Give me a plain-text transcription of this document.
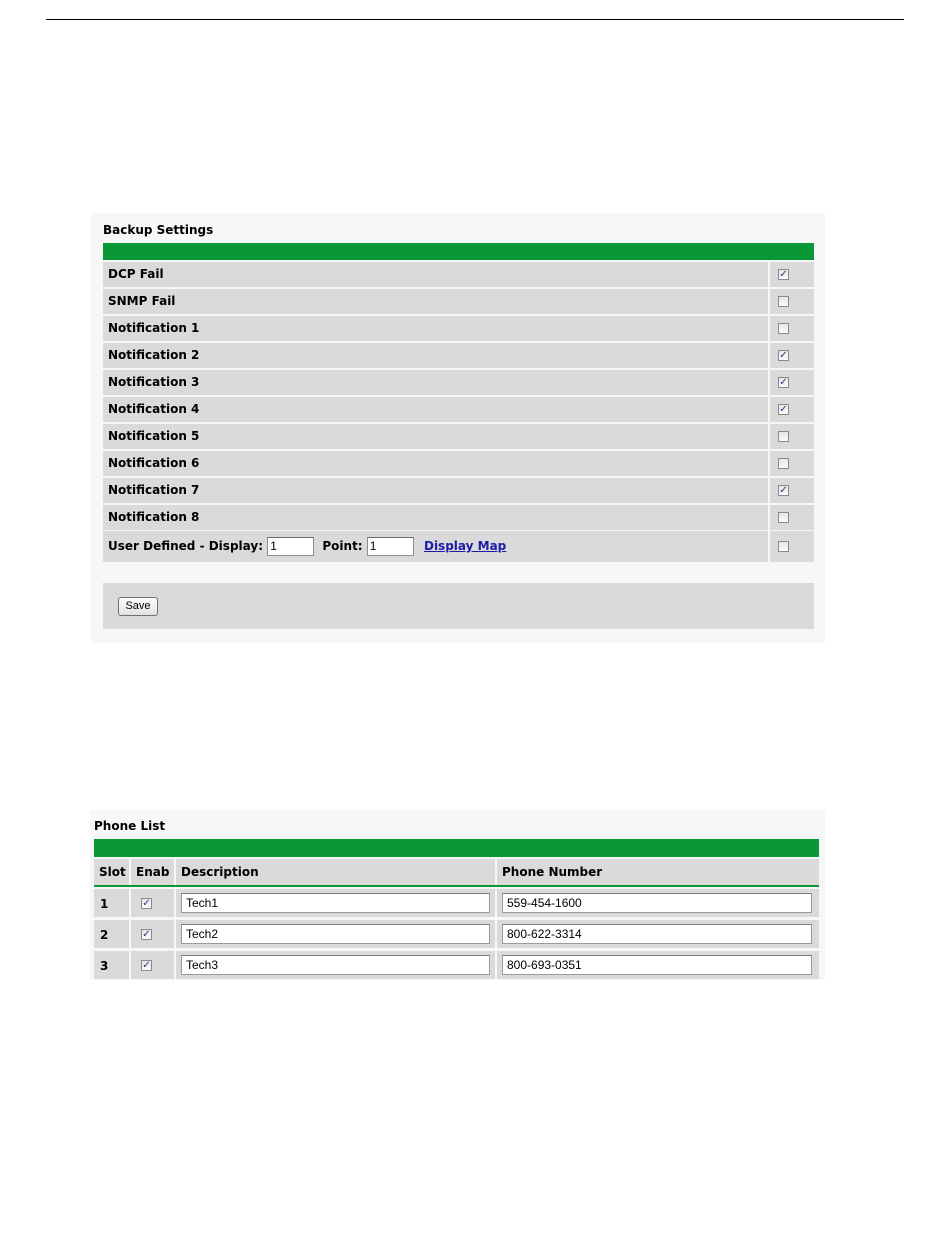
Backup Settings
DCP Fail	✓
SNMP Fail
Notification 1
Notification 2	✓
Notification 3	✓
Notification 4	✓
Notification 5
Notification 6
Notification 7	✓
Notification 8
User Defined - Display: 1	Point: 1	Display Map
Save
Phone List
Slot Enab Description	Phone Number
1	✓	Tech1	559-454-1600
2	✓	Tech2	800-622-3314
3	✓	Tech3	800-693-0351
